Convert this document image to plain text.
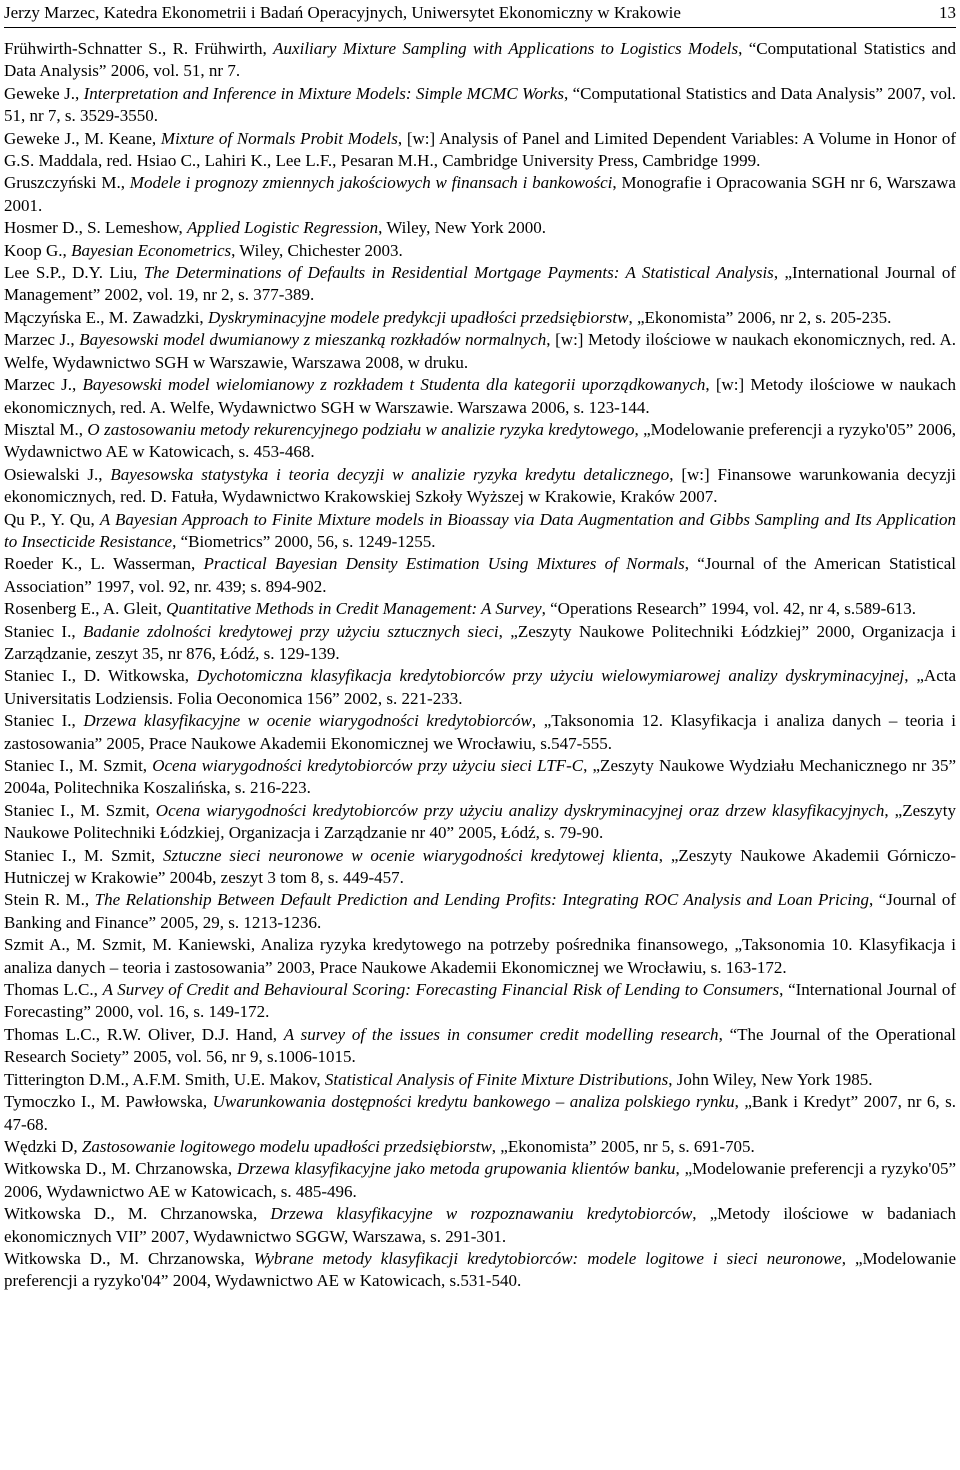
Jerzy Marzec, Katedra Ekonometrii i Badań Operacyjnych, Uniwersytet Ekonomiczny w Krakowie	13
Frühwirth-Schnatter S., R. Frühwirth, Auxiliary Mixture Sampling with Applications to Logistics Models, “Computational Statistics and Data Analysis” 2006, vol. 51, nr 7.
Geweke J., Interpretation and Inference in Mixture Models: Simple MCMC Works, “Computational Statistics and Data Analysis” 2007, vol. 51, nr 7, s. 3529-3550.
Geweke J., M. Keane, Mixture of Normals Probit Models, [w:] Analysis of Panel and Limited Dependent Variables: A Volume in Honor of G.S. Maddala, red. Hsiao C., Lahiri K., Lee L.F., Pesaran M.H., Cambridge University Press, Cambridge 1999.
Gruszczyński M., Modele i prognozy zmiennych jakościowych w finansach i bankowości, Monografie i Opracowania SGH nr 6, Warszawa 2001.
Hosmer D., S. Lemeshow, Applied Logistic Regression, Wiley, New York 2000.
Koop G., Bayesian Econometrics, Wiley, Chichester 2003.
Lee S.P., D.Y. Liu, The Determinations of Defaults in Residential Mortgage Payments: A Statistical Analysis, „International Journal of Management” 2002, vol. 19, nr 2, s. 377-389.
Mączyńska E., M. Zawadzki, Dyskryminacyjne modele predykcji upadłości przedsiębiorstw, „Ekonomista” 2006, nr 2, s. 205-235.
Marzec J., Bayesowski model dwumianowy z mieszanką rozkładów normalnych, [w:] Metody ilościowe w naukach ekonomicznych, red. A. Welfe, Wydawnictwo SGH w Warszawie, Warszawa 2008, w druku.
Marzec J., Bayesowski model wielomianowy z rozkładem t Studenta dla kategorii uporządkowanych, [w:] Metody ilościowe w naukach ekonomicznych, red. A. Welfe, Wydawnictwo SGH w Warszawie. Warszawa 2006, s. 123-144.
Misztal M., O zastosowaniu metody rekurencyjnego podziału w analizie ryzyka kredytowego, „Modelowanie preferencji a ryzyko'05” 2006, Wydawnictwo AE w Katowicach, s. 453-468.
Osiewalski J., Bayesowska statystyka i teoria decyzji w analizie ryzyka kredytu detalicznego, [w:] Finansowe warunkowania decyzji ekonomicznych, red. D. Fatuła, Wydawnictwo Krakowskiej Szkoły Wyższej w Krakowie, Kraków 2007.
Qu P., Y. Qu, A Bayesian Approach to Finite Mixture models in Bioassay via Data Augmentation and Gibbs Sampling and Its Application to Insecticide Resistance, “Biometrics” 2000, 56, s. 1249-1255.
Roeder K., L. Wasserman, Practical Bayesian Density Estimation Using Mixtures of Normals, “Journal of the American Statistical Association” 1997, vol. 92, nr. 439; s. 894-902.
Rosenberg E., A. Gleit, Quantitative Methods in Credit Management: A Survey, “Operations Research” 1994, vol. 42, nr 4, s.589-613.
Staniec I., Badanie zdolności kredytowej przy użyciu sztucznych sieci, „Zeszyty Naukowe Politechniki Łódzkiej” 2000, Organizacja i Zarządzanie, zeszyt 35, nr 876, Łódź, s. 129-139.
Staniec I., D. Witkowska, Dychotomiczna klasyfikacja kredytobiorców przy użyciu wielowymiarowej analizy dyskryminacyjnej, „Acta Universitatis Lodziensis. Folia Oeconomica 156” 2002, s. 221-233.
Staniec I., Drzewa klasyfikacyjne w ocenie wiarygodności kredytobiorców, „Taksonomia 12. Klasyfikacja i analiza danych – teoria i zastosowania” 2005, Prace Naukowe Akademii Ekonomicznej we Wrocławiu, s.547-555.
Staniec I., M. Szmit, Ocena wiarygodności kredytobiorców przy użyciu sieci LTF-C, „Zeszyty Naukowe Wydziału Mechanicznego nr 35” 2004a, Politechnika Koszalińska, s. 216-223.
Staniec I., M. Szmit, Ocena wiarygodności kredytobiorców przy użyciu analizy dyskryminacyjnej oraz drzew klasyfikacyjnych, „Zeszyty Naukowe Politechniki Łódzkiej, Organizacja i Zarządzanie nr 40” 2005, Łódź, s. 79-90.
Staniec I., M. Szmit, Sztuczne sieci neuronowe w ocenie wiarygodności kredytowej klienta, „Zeszyty Naukowe Akademii Górniczo-Hutniczej w Krakowie” 2004b, zeszyt 3 tom 8, s. 449-457.
Stein R. M., The Relationship Between Default Prediction and Lending Profits: Integrating ROC Analysis and Loan Pricing, “Journal of Banking and Finance” 2005, 29, s. 1213-1236.
Szmit A., M. Szmit, M. Kaniewski, Analiza ryzyka kredytowego na potrzeby pośrednika finansowego, „Taksonomia 10. Klasyfikacja i analiza danych – teoria i zastosowania” 2003, Prace Naukowe Akademii Ekonomicznej we Wrocławiu, s. 163-172.
Thomas L.C., A Survey of Credit and Behavioural Scoring: Forecasting Financial Risk of Lending to Consumers, “International Journal of Forecasting” 2000, vol. 16, s. 149-172.
Thomas L.C., R.W. Oliver, D.J. Hand, A survey of the issues in consumer credit modelling research, “The Journal of the Operational Research Society” 2005, vol. 56, nr 9, s.1006-1015.
Titterington D.M., A.F.M. Smith, U.E. Makov, Statistical Analysis of Finite Mixture Distributions, John Wiley, New York 1985.
Tymoczko I., M. Pawłowska, Uwarunkowania dostępności kredytu bankowego – analiza polskiego rynku, „Bank i Kredyt” 2007, nr 6, s. 47-68.
Wędzki D, Zastosowanie logitowego modelu upadłości przedsiębiorstw, „Ekonomista” 2005, nr 5, s. 691-705.
Witkowska D., M. Chrzanowska, Drzewa klasyfikacyjne jako metoda grupowania klientów banku, „Modelowanie preferencji a ryzyko'05” 2006, Wydawnictwo AE w Katowicach, s. 485-496.
Witkowska D., M. Chrzanowska, Drzewa klasyfikacyjne w rozpoznawaniu kredytobiorców, „Metody ilościowe w badaniach ekonomicznych VII” 2007, Wydawnictwo SGGW, Warszawa, s. 291-301.
Witkowska D., M. Chrzanowska, Wybrane metody klasyfikacji kredytobiorców: modele logitowe i sieci neuronowe, „Modelowanie preferencji a ryzyko'04” 2004, Wydawnictwo AE w Katowicach, s.531-540.
